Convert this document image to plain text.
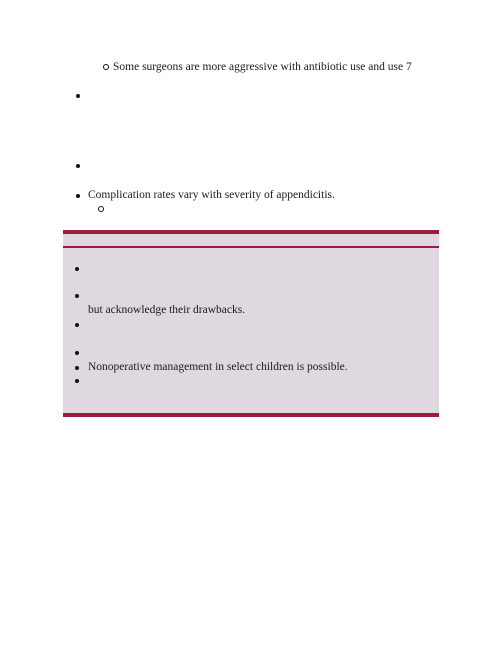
Some surgeons are more aggressive with antibiotic use and use 7
Complication rates vary with severity of appendicitis.
but acknowledge their drawbacks.
Nonoperative management in select children is possible.
